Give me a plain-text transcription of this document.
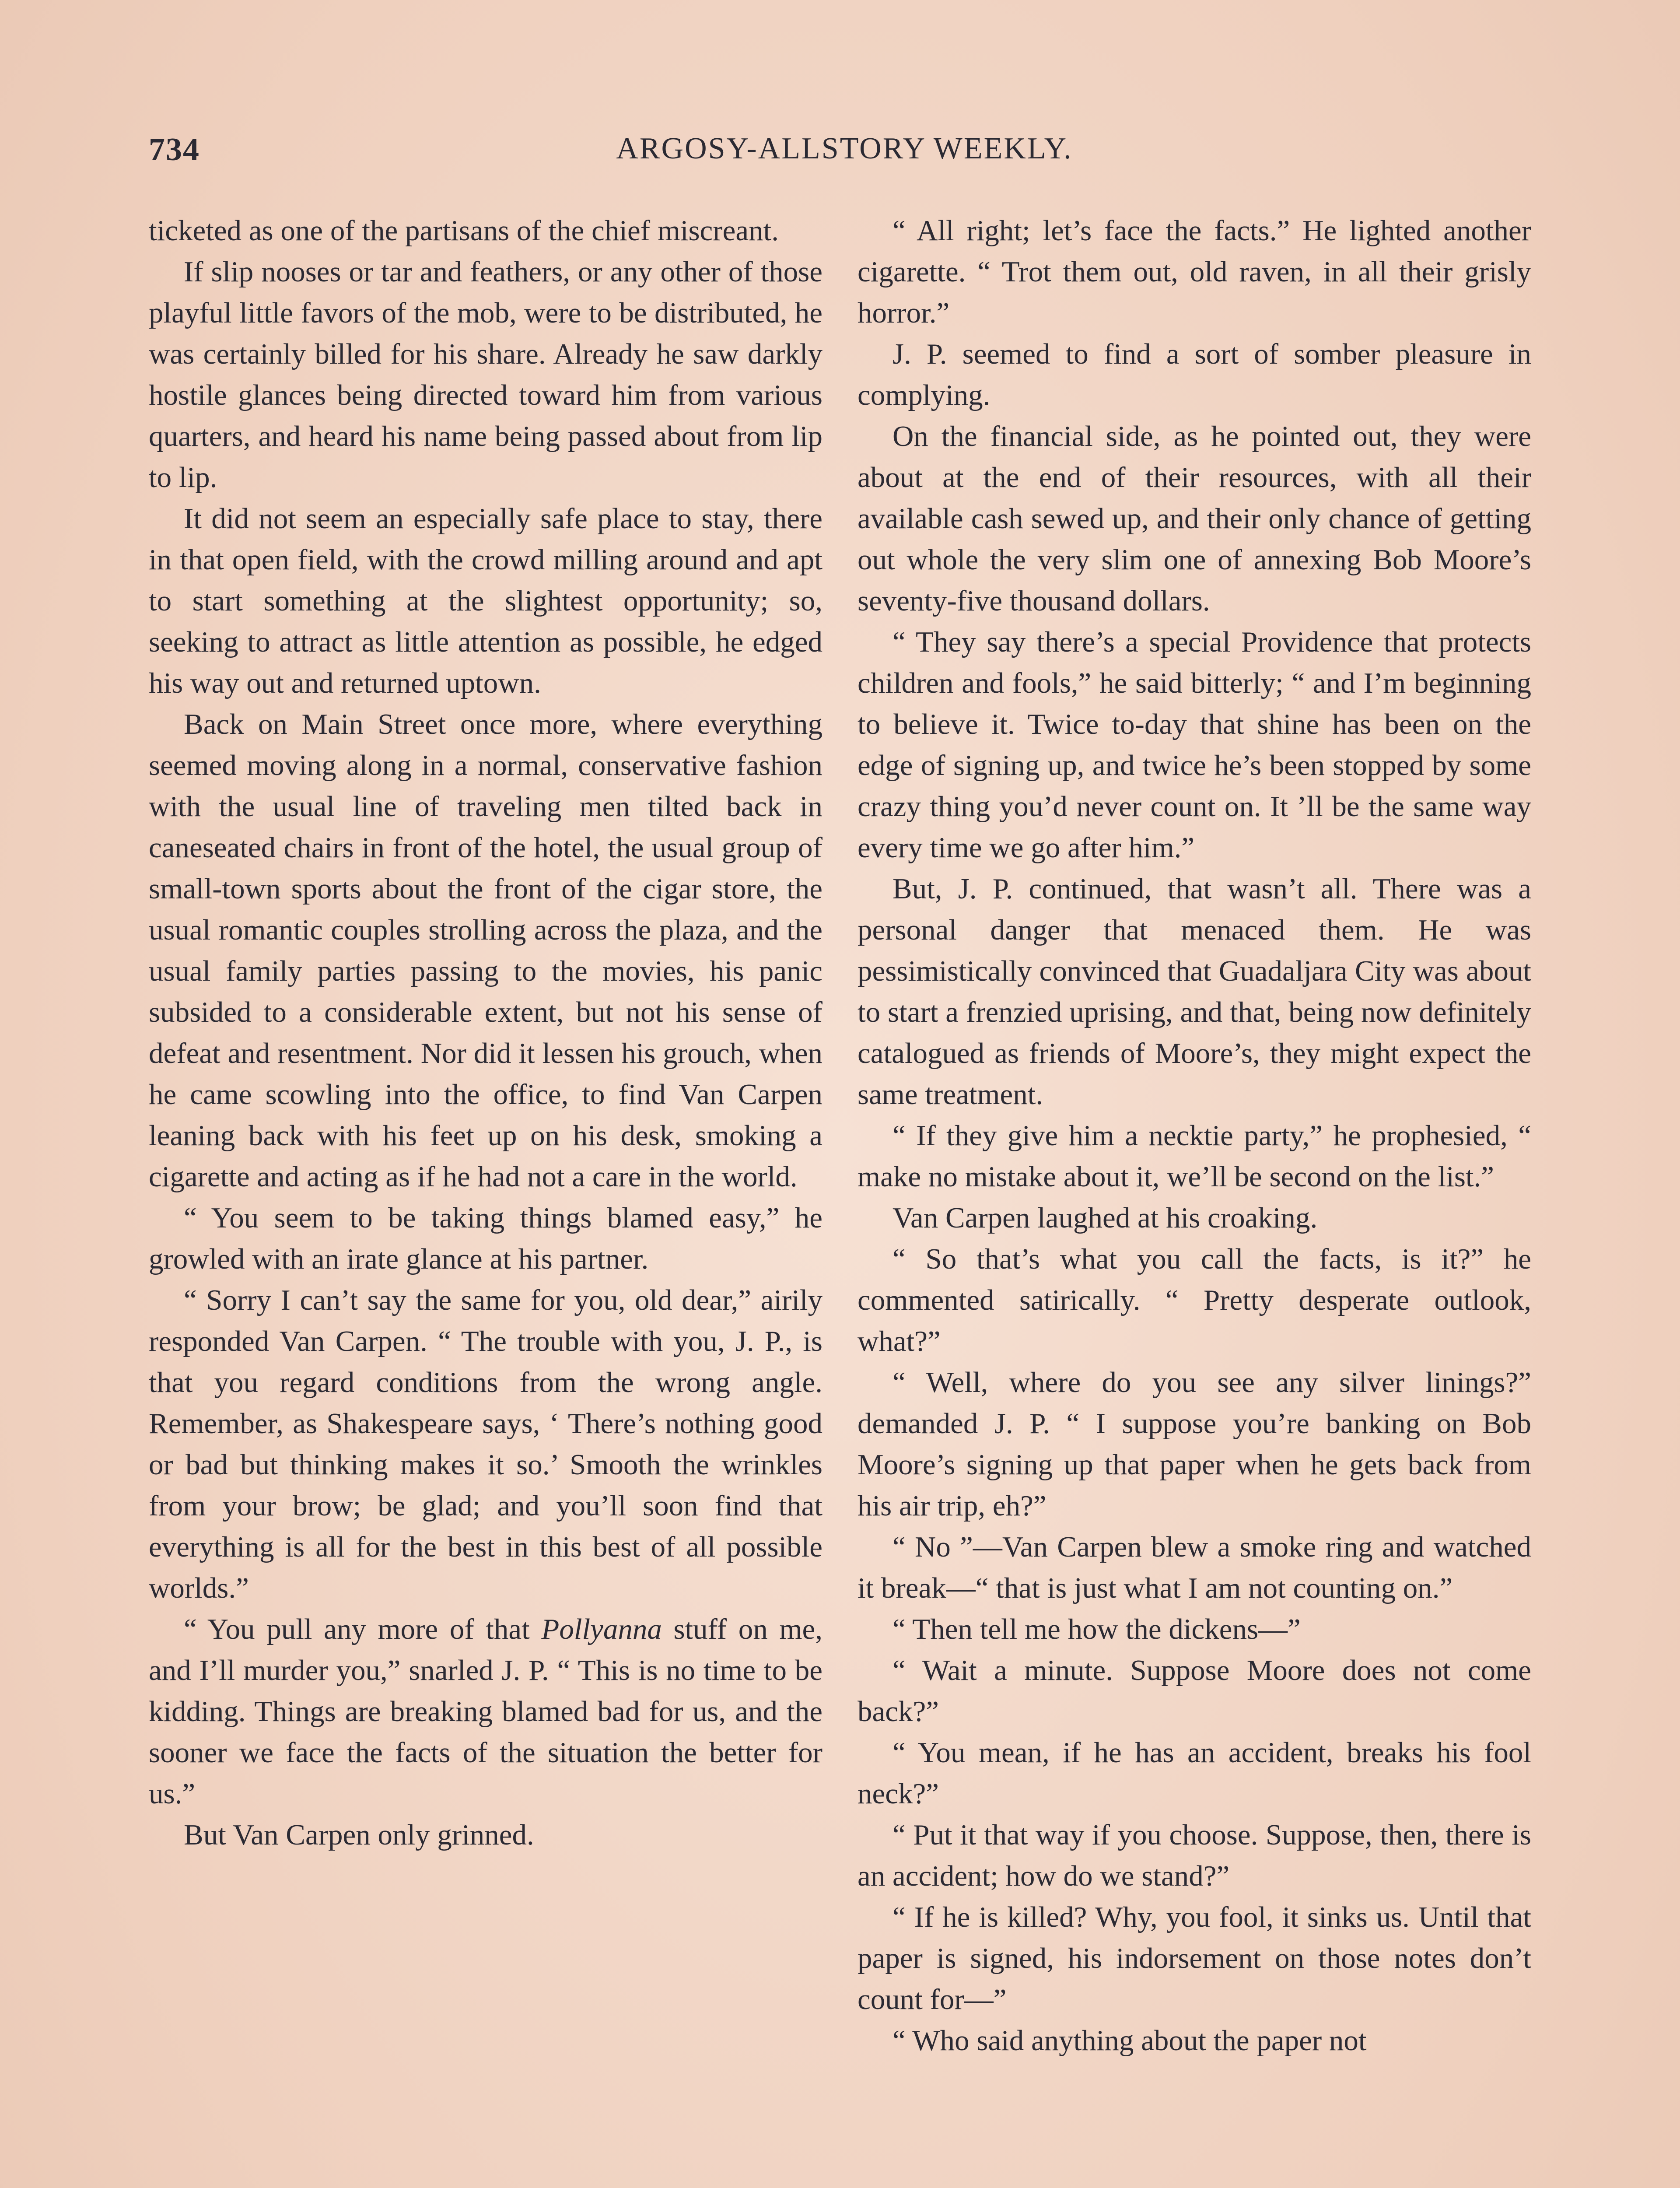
734	ARGOSY-ALLSTORY WEEKLY.

ticketed as one of the partisans of the chief miscreant.

If slip nooses or tar and feathers, or any other of those playful little favors of the mob, were to be distributed, he was certainly billed for his share. Already he saw darkly hostile glances being directed toward him from various quarters, and heard his name being passed about from lip to lip.

It did not seem an especially safe place to stay, there in that open field, with the crowd milling around and apt to start something at the slightest opportunity; so, seeking to attract as little attention as possible, he edged his way out and returned uptown.

Back on Main Street once more, where everything seemed moving along in a normal, conservative fashion with the usual line of traveling men tilted back in caneseated chairs in front of the hotel, the usual group of small-town sports about the front of the cigar store, the usual romantic couples strolling across the plaza, and the usual family parties passing to the movies, his panic subsided to a considerable extent, but not his sense of defeat and resentment. Nor did it lessen his grouch, when he came scowling into the office, to find Van Carpen leaning back with his feet up on his desk, smoking a cigarette and acting as if he had not a care in the world.

“ You seem to be taking things blamed easy,” he growled with an irate glance at his partner.

“ Sorry I can’t say the same for you, old dear,” airily responded Van Carpen. “ The trouble with you, J. P., is that you regard conditions from the wrong angle. Remember, as Shakespeare says, ‘ There’s nothing good or bad but thinking makes it so.’ Smooth the wrinkles from your brow; be glad; and you’ll soon find that everything is all for the best in this best of all possible worlds.”

“ You pull any more of that Pollyanna stuff on me, and I’ll murder you,” snarled J. P. “ This is no time to be kidding. Things are breaking blamed bad for us, and the sooner we face the facts of the situation the better for us.”

But Van Carpen only grinned.

“ All right; let’s face the facts.” He lighted another cigarette. “ Trot them out, old raven, in all their grisly horror.”

J. P. seemed to find a sort of somber pleasure in complying.

On the financial side, as he pointed out, they were about at the end of their resources, with all their available cash sewed up, and their only chance of getting out whole the very slim one of annexing Bob Moore’s seventy-five thousand dollars.

“ They say there’s a special Providence that protects children and fools,” he said bitterly; “ and I’m beginning to believe it. Twice to-day that shine has been on the edge of signing up, and twice he’s been stopped by some crazy thing you’d never count on. It ’ll be the same way every time we go after him.”

But, J. P. continued, that wasn’t all. There was a personal danger that menaced them. He was pessimistically convinced that Guadaljara City was about to start a frenzied uprising, and that, being now definitely catalogued as friends of Moore’s, they might expect the same treatment.

“ If they give him a necktie party,” he prophesied, “ make no mistake about it, we’ll be second on the list.”

Van Carpen laughed at his croaking.

“ So that’s what you call the facts, is it?” he commented satirically. “ Pretty desperate outlook, what?”

“ Well, where do you see any silver linings?” demanded J. P. “ I suppose you’re banking on Bob Moore’s signing up that paper when he gets back from his air trip, eh?”

“ No ”—Van Carpen blew a smoke ring and watched it break—“ that is just what I am not counting on.”

“ Then tell me how the dickens—”

“ Wait a minute. Suppose Moore does not come back?”

“ You mean, if he has an accident, breaks his fool neck?”

“ Put it that way if you choose. Suppose, then, there is an accident; how do we stand?”

“ If he is killed? Why, you fool, it sinks us. Until that paper is signed, his indorsement on those notes don’t count for—”

“ Who said anything about the paper not
